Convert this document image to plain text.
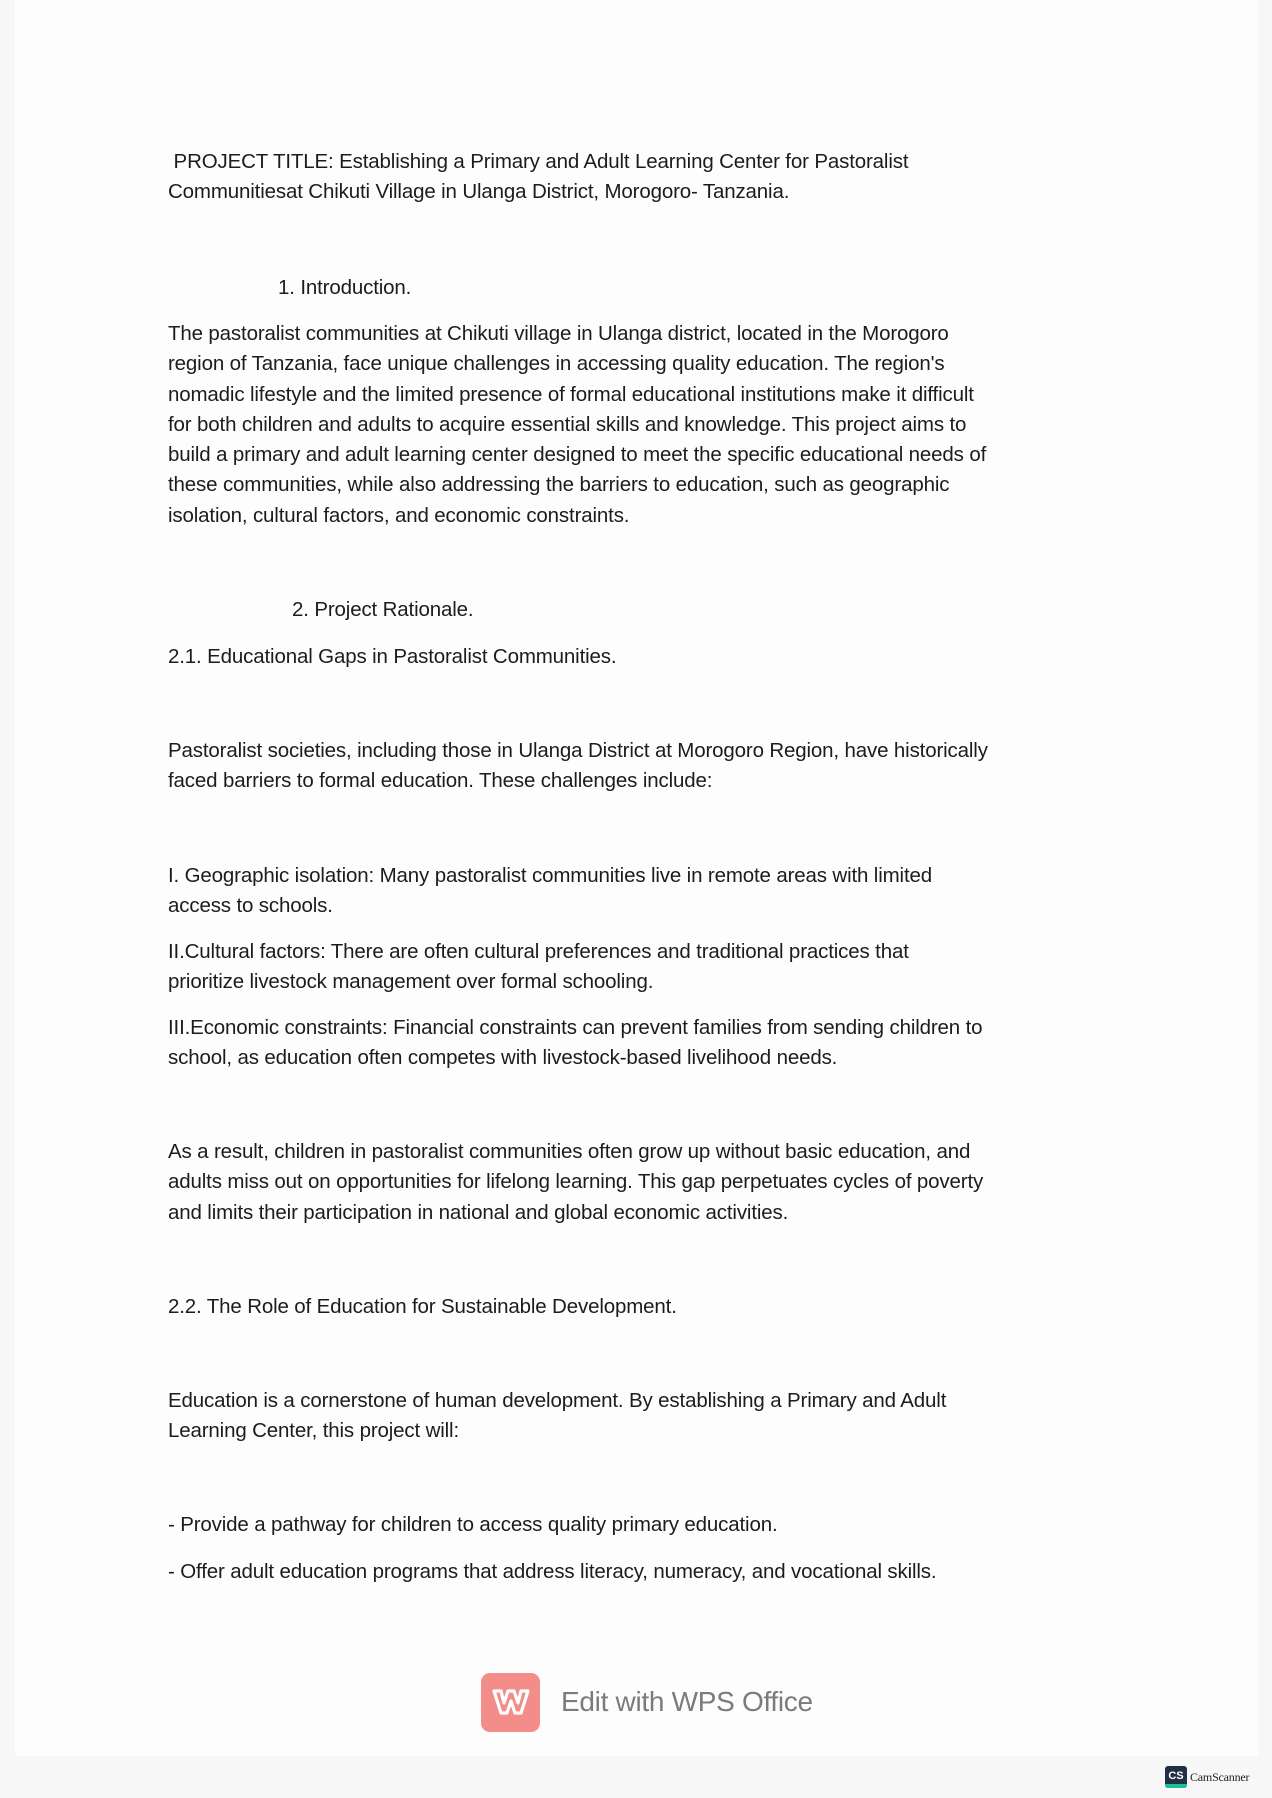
PROJECT TITLE: Establishing a Primary and Adult Learning Center for Pastoralist
Communitiesat Chikuti Village in Ulanga District, Morogoro- Tanzania.
1. Introduction.
The pastoralist communities at Chikuti village in Ulanga district, located in the Morogoro
region of Tanzania, face unique challenges in accessing quality education. The region's
nomadic lifestyle and the limited presence of formal educational institutions make it difficult
for both children and adults to acquire essential skills and knowledge. This project aims to
build a primary and adult learning center designed to meet the specific educational needs of
these communities, while also addressing the barriers to education, such as geographic
isolation, cultural factors, and economic constraints.
2. Project Rationale.
2.1. Educational Gaps in Pastoralist Communities.
Pastoralist societies, including those in Ulanga District at Morogoro Region, have historically
faced barriers to formal education. These challenges include:
I. Geographic isolation: Many pastoralist communities live in remote areas with limited
access to schools.
II.Cultural factors: There are often cultural preferences and traditional practices that
prioritize livestock management over formal schooling.
III.Economic constraints: Financial constraints can prevent families from sending children to
school, as education often competes with livestock-based livelihood needs.
As a result, children in pastoralist communities often grow up without basic education, and
adults miss out on opportunities for lifelong learning. This gap perpetuates cycles of poverty
and limits their participation in national and global economic activities.
2.2. The Role of Education for Sustainable Development.
Education is a cornerstone of human development. By establishing a Primary and Adult
Learning Center, this project will:
- Provide a pathway for children to access quality primary education.
- Offer adult education programs that address literacy, numeracy, and vocational skills.
Edit with WPS Office
CS CamScanner
